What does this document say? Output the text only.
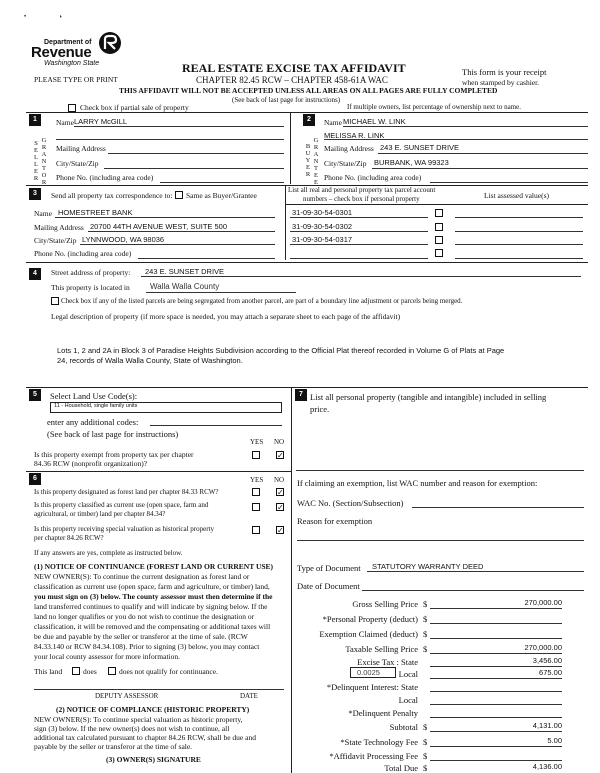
❜                   ❛
Department of
Revenue
Washington State
PLEASE TYPE OR PRINT
REAL ESTATE EXCISE TAX AFFIDAVIT
CHAPTER 82.45 RCW – CHAPTER 458-61A WAC
THIS AFFIDAVIT WILL NOT BE ACCEPTED UNLESS ALL AREAS ON ALL PAGES ARE FULLY COMPLETED
(See back of last page for instructions)
This form is your receipt
when stamped by cashier.
Check box if partial sale of property	If multiple owners, list percentage of ownership next to name.
1	2
S
E
L
L
E
R
G
R
A
N
T
O
R
B
U
Y
E
R
G
R
A
N
T
E
E
Name LARRY McGILL
Mailing Address
City/State/Zip
Phone No. (including area code)
Name MICHAEL W. LINK
MELISSA R. LINK
Mailing Address 243 E. SUNSET DRIVE
City/State/Zip BURBANK, WA 99323
Phone No. (including area code)
3	Send all property tax correspondence to: Same as Buyer/Grantee
List all real and personal property tax parcel account
numbers – check box if personal property	List assessed value(s)
Name HOMESTREET BANK
Mailing Address 20700 44TH AVENUE WEST, SUITE 500
City/State/Zip LYNNWOOD, WA 98036
Phone No. (including area code)
31-09-30-54-0301
31-09-30-54-0302
31-09-30-54-0317
4	Street address of property: 243 E. SUNSET DRIVE
This property is located in	Walla Walla County
Check box if any of the listed parcels are being segregated from another parcel, are part of a boundary line adjustment or parcels being merged.
Legal description of property (if more space is needed, you may attach a separate sheet to each page of the affidavit)
Lots 1, 2 and 2A in Block 3 of Paradise Heights Subdivision according to the Official Plat thereof recorded in Volume G of Plats at Page
24, records of Walla Walla County, State of Washington.
5	Select Land Use Code(s):
11 - Household, single family units
enter any additional codes:
(See back of last page for instructions)
YES NO
Is this property exempt from property tax per chapter
84.36 RCW (nonprofit organization)?
✓
7 List all personal property (tangible and intangible) included in selling
price.
6	YES NO
Is this property designated as forest land per chapter 84.33 RCW?	✓
Is this property classified as current use (open space, farm and
agricultural, or timber) land per chapter 84.34?
✓
Is this property receiving special valuation as historical property
per chapter 84.26 RCW?
✓
If any answers are yes, complete as instructed below.
(1) NOTICE OF CONTINUANCE (FOREST LAND OR CURRENT USE)
NEW OWNER(S): To continue the current designation as forest land or
classification as current use (open space, farm and agriculture, or timber) land,
you must sign on (3) below. The county assessor must then determine if the
land transferred continues to qualify and will indicate by signing below. If the
land no longer qualifies or you do not wish to continue the designation or
classification, it will be removed and the compensating or additional taxes will
be due and payable by the seller or transferor at the time of sale. (RCW
84.33.140 or RCW 84.34.108). Prior to signing (3) below, you may contact
your local county assessor for more information.
This land	does	does not qualify for continuance.
DEPUTY ASSESSOR	DATE
(2) NOTICE OF COMPLIANCE (HISTORIC PROPERTY)
NEW OWNER(S): To continue special valuation as historic property,
sign (3) below. If the new owner(s) does not wish to continue, all
additional tax calculated pursuant to chapter 84.26 RCW, shall be due and
payable by the seller or transferor at the time of sale.
(3) OWNER(S) SIGNATURE
If claiming an exemption, list WAC number and reason for exemption:
WAC No. (Section/Subsection)
Reason for exemption
Type of Document STATUTORY WARRANTY DEED
Date of Document
Gross Selling Price $	270,000.00
*Personal Property (deduct) $
Exemption Claimed (deduct) $
Taxable Selling Price $	270,000.00
Excise Tax : State	3,456.00
0.0025 Local	675.00
*Delinquent Interest: State
Local
*Delinquent Penalty
Subtotal $	4,131.00
*State Technology Fee $	5.00
*Affidavit Processing Fee $
Total Due $	4,136.00
